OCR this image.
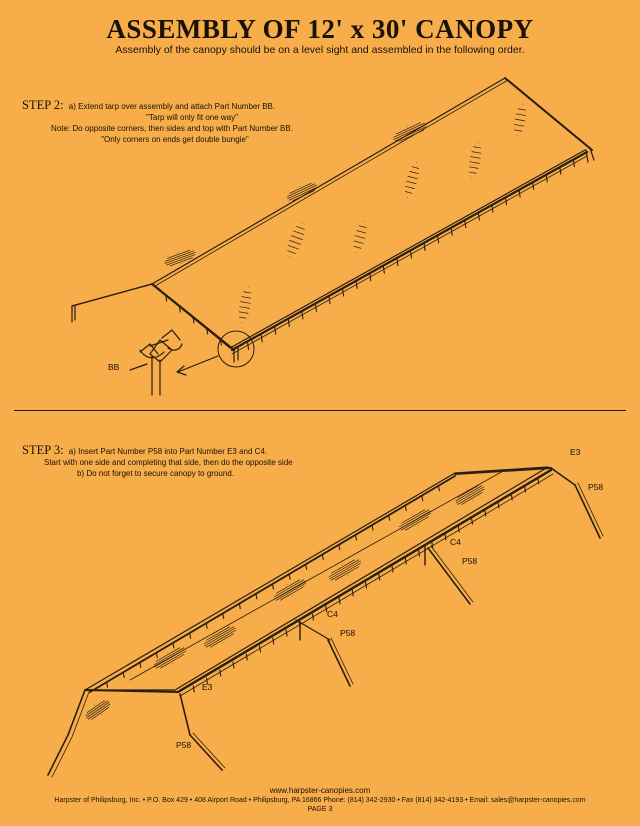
ASSEMBLY OF 12' x 30' CANOPY
Assembly of the canopy should be on a level sight and assembled in the following order.
STEP 2: a) Extend tarp over assembly and attach Part Number BB.
"Tarp will only fit one way"
Note: Do opposite corners, then sides and top with Part Number BB.
"Only corners on ends get double bungie"
STEP 3: a) Insert Part Number P58 into Part Number E3 and C4.
Start with one side and completing that side, then do the opposite side
b) Do not forget to secure canopy to ground.
BB
E3
P58
C4
P58
C4
P58
E3
P58
www.harpster-canopies.com
Harpster of Philipsburg, Inc. • P.O. Box 429 • 408 Airport Road • Philipsburg, PA 16866 Phone: (814) 342-2930 • Fax (814) 342-4193 • Email: sales@harpster-canopies.com
PAGE 3
